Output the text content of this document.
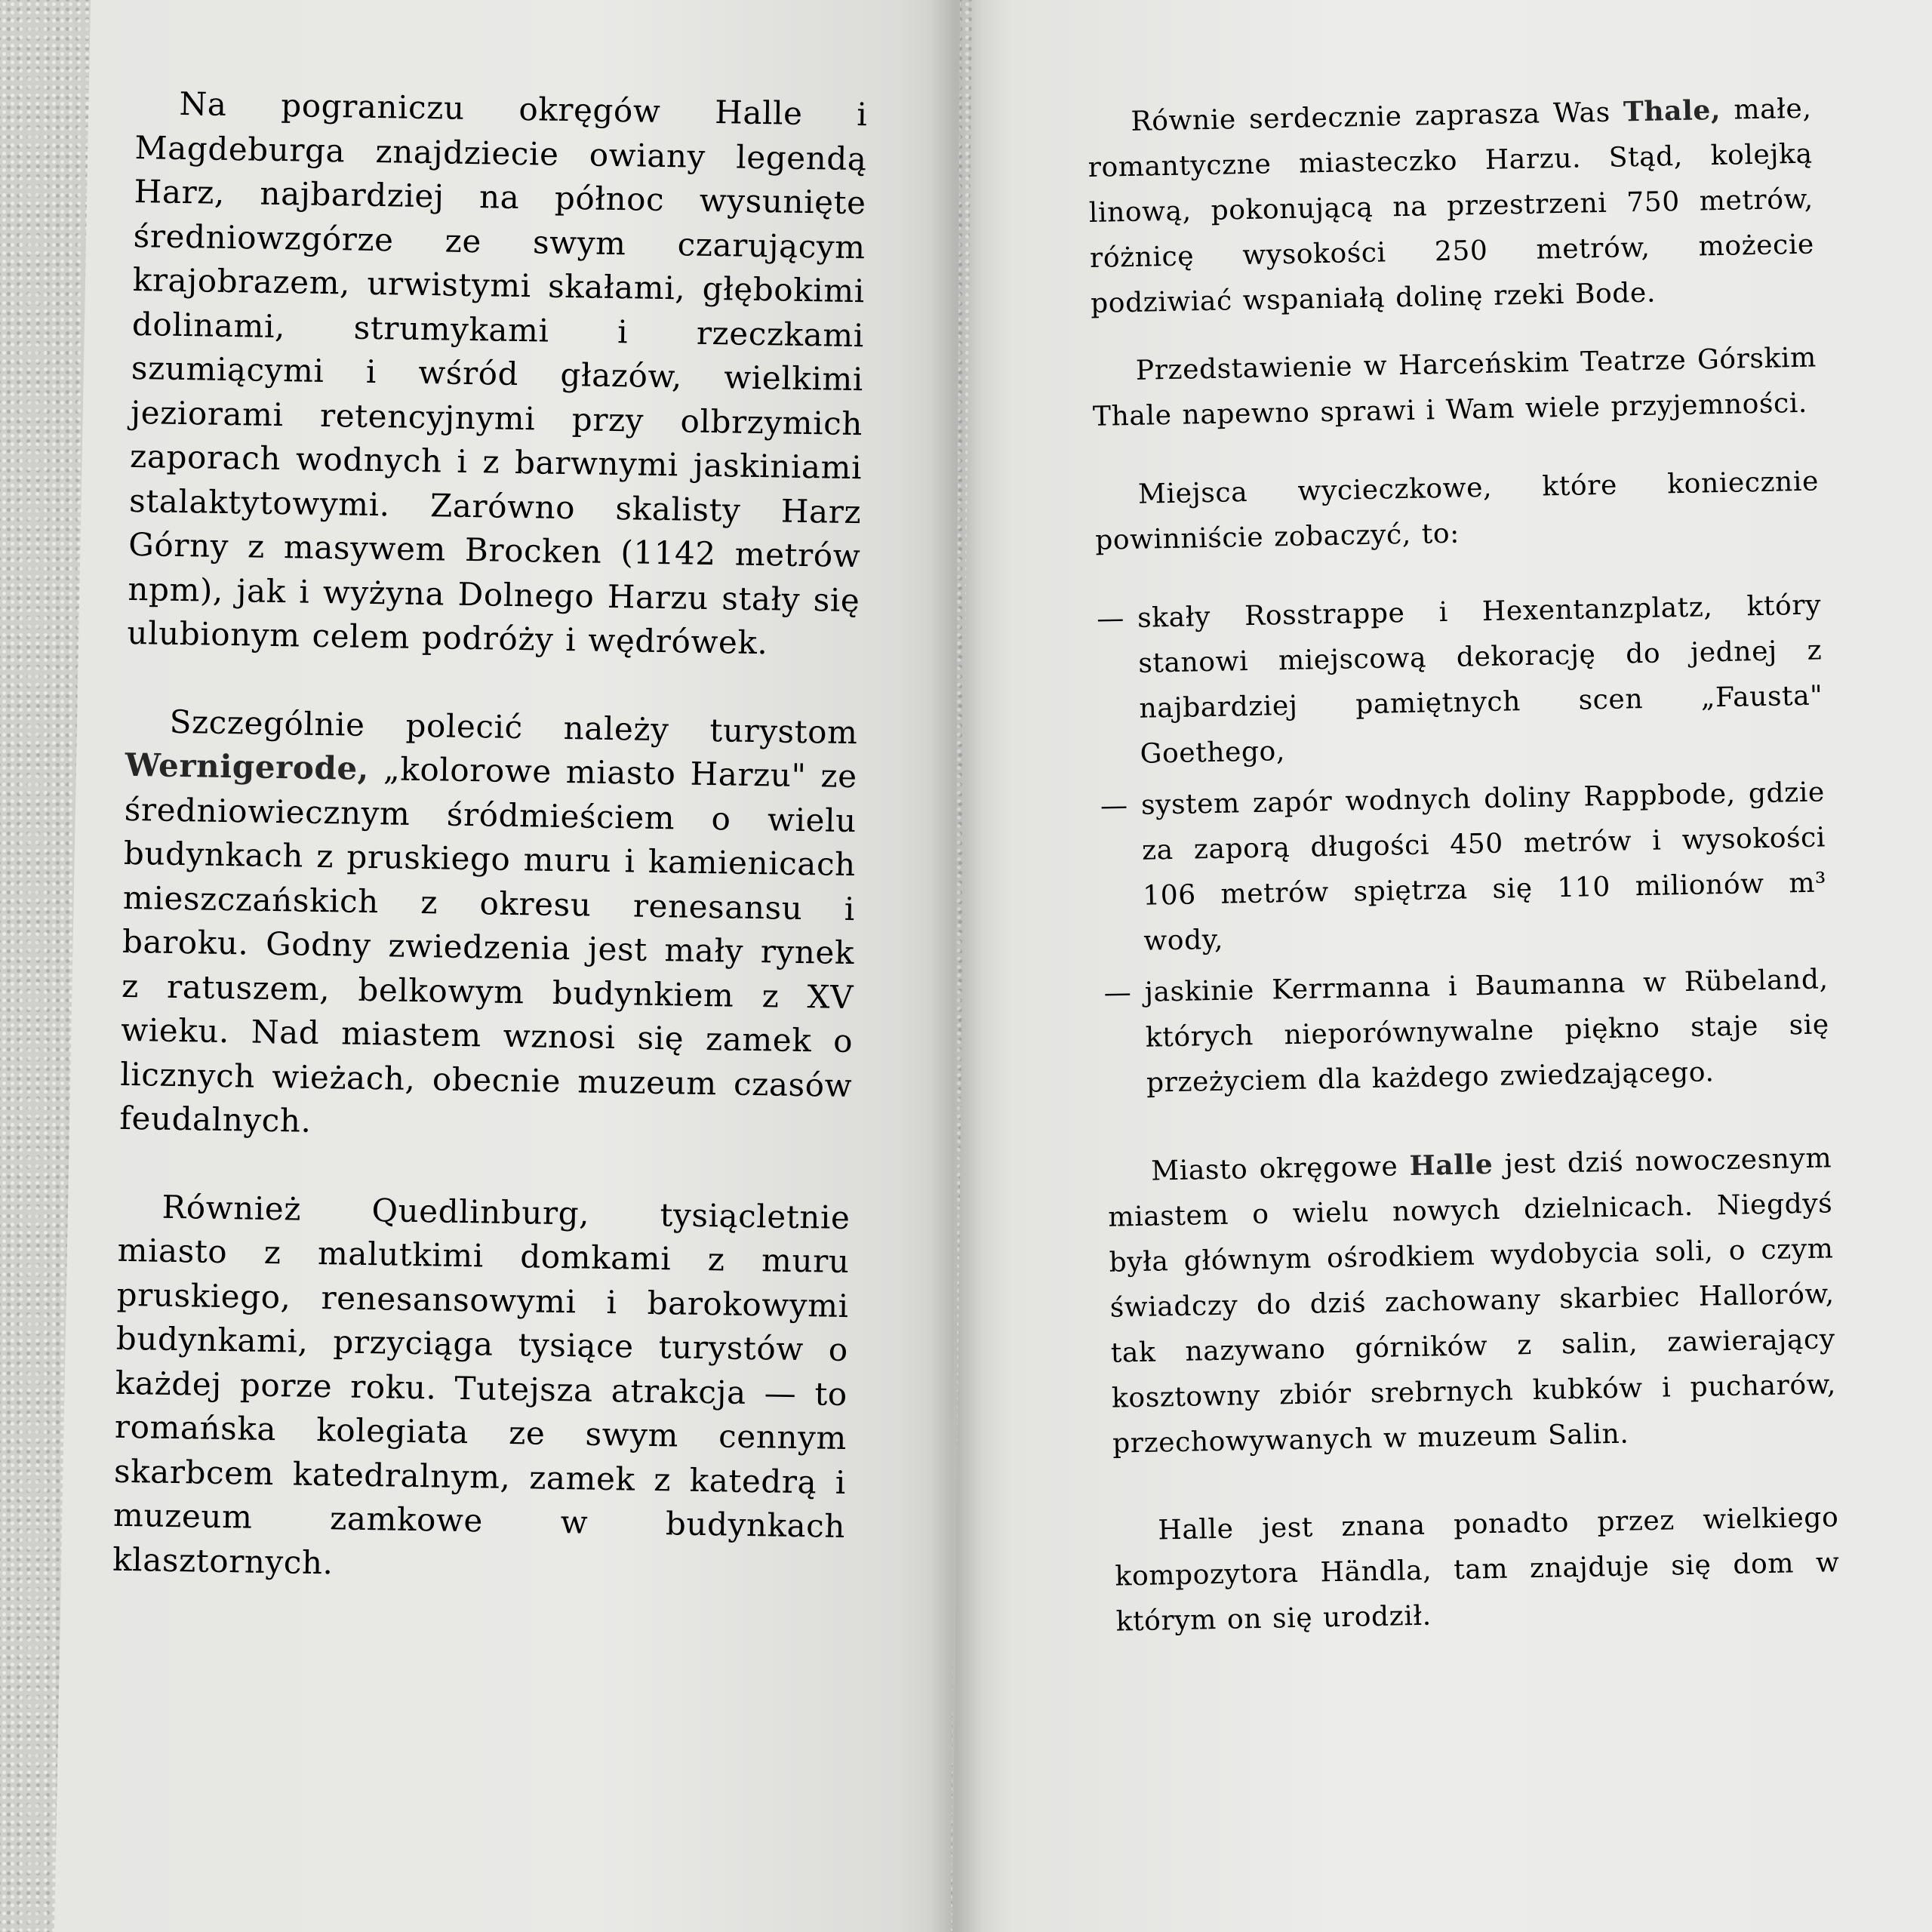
Na pograniczu okręgów Halle i Magdeburga znajdziecie owiany legendą Harz, najbardziej na północ wysunięte średniowzgórze ze swym czarującym krajobrazem, urwistymi skałami, głębokimi dolinami, strumykami i rzeczkami szumiącymi i wśród głazów, wielkimi jeziorami retencyjnymi przy olbrzymich zaporach wodnych i z barwnymi jaskiniami stalaktytowymi. Zarówno skalisty Harz Górny z masywem Brocken (1142 metrów npm), jak i wyżyna Dolnego Harzu stały się ulubionym celem podróży i wędrówek.

Szczególnie polecić należy turystom Wernigerode, „kolorowe miasto Harzu" ze średniowiecznym śródmieściem o wielu budynkach z pruskiego muru i kamienicach mieszczańskich z okresu renesansu i baroku. Godny zwiedzenia jest mały rynek z ratuszem, belkowym budynkiem z XV wieku. Nad miastem wznosi się zamek o licznych wieżach, obecnie muzeum czasów feudalnych.

Również Quedlinburg, tysiącletnie miasto z malutkimi domkami z muru pruskiego, renesansowymi i barokowymi budynkami, przyciąga tysiące turystów o każdej porze roku. Tutejsza atrakcja — to romańska kolegiata ze swym cennym skarbcem katedralnym, zamek z katedrą i muzeum zamkowe w budynkach klasztornych.

Równie serdecznie zaprasza Was Thale, małe, romantyczne miasteczko Harzu. Stąd, kolejką linową, pokonującą na przestrzeni 750 metrów, różnicę wysokości 250 metrów, możecie podziwiać wspaniałą dolinę rzeki Bode.

Przedstawienie w Harceńskim Teatrze Górskim Thale napewno sprawi i Wam wiele przyjemności.

Miejsca wycieczkowe, które koniecznie powinniście zobaczyć, to:

— skały Rosstrappe i Hexentanzplatz, który stanowi miejscową dekorację do jednej z najbardziej pamiętnych scen „Fausta" Goethego,
— system zapór wodnych doliny Rappbode, gdzie za zaporą długości 450 metrów i wysokości 106 metrów spiętrza się 110 milionów m³ wody,
— jaskinie Kerrmanna i Baumanna w Rübeland, których nieporównywalne piękno staje się przeżyciem dla każdego zwiedzającego.

Miasto okręgowe Halle jest dziś nowoczesnym miastem o wielu nowych dzielnicach. Niegdyś była głównym ośrodkiem wydobycia soli, o czym świadczy do dziś zachowany skarbiec Hallorów, tak nazywano górników z salin, zawierający kosztowny zbiór srebrnych kubków i pucharów, przechowywanych w muzeum Salin.

Halle jest znana ponadto przez wielkiego kompozytora Händla, tam znajduje się dom w którym on się urodził.
